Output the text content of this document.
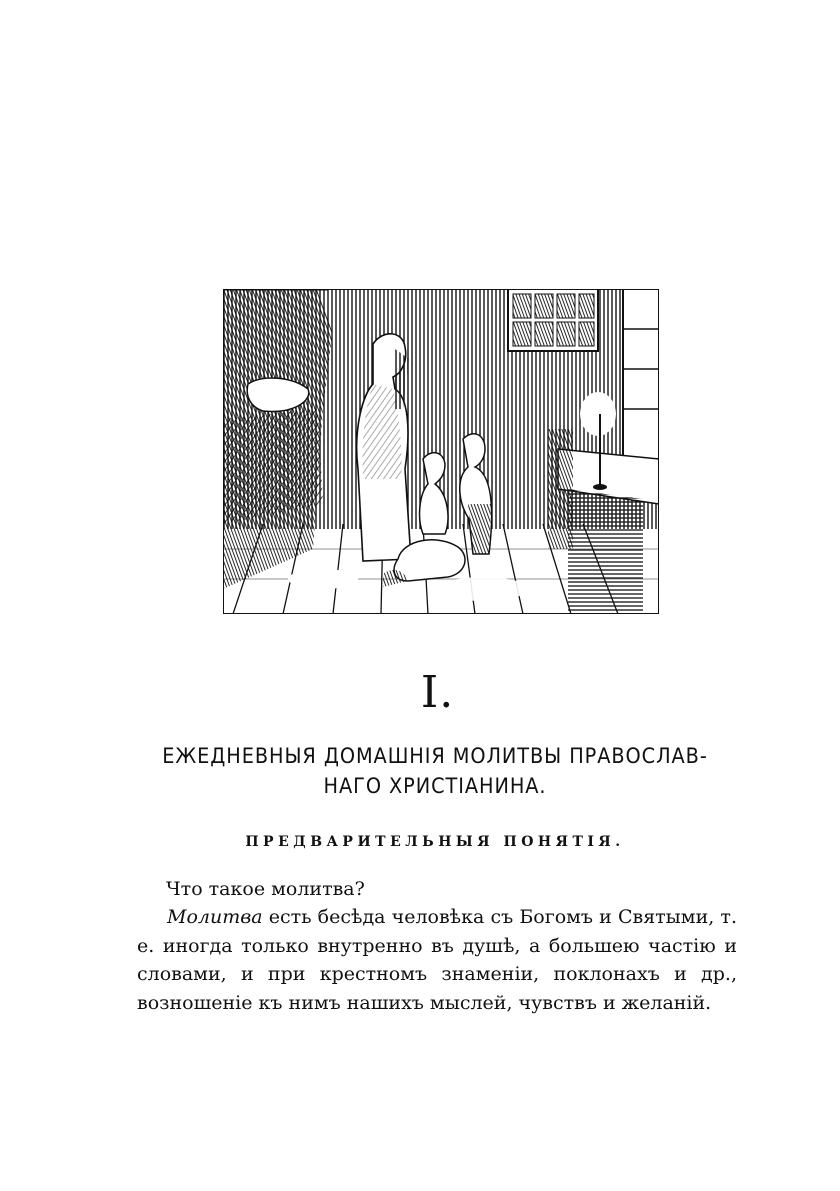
I.
ЕЖЕДНЕВНЫЯ ДОМАШНІЯ МОЛИТВЫ ПРАВОСЛАВ-
НАГО ХРИСТІАНИНА.
ПРЕДВАРИТЕЛЬНЫЯ ПОНЯТІЯ.
Что такое молитва?

Молитва есть бесѣда человѣка съ Богомъ и Святыми, т. е. иногда только внутренно въ душѣ, а большею частію и словами, и при крестномъ знаменіи, поклонахъ и др., возношеніе къ нимъ нашихъ мыслей, чувствъ и желаній.
